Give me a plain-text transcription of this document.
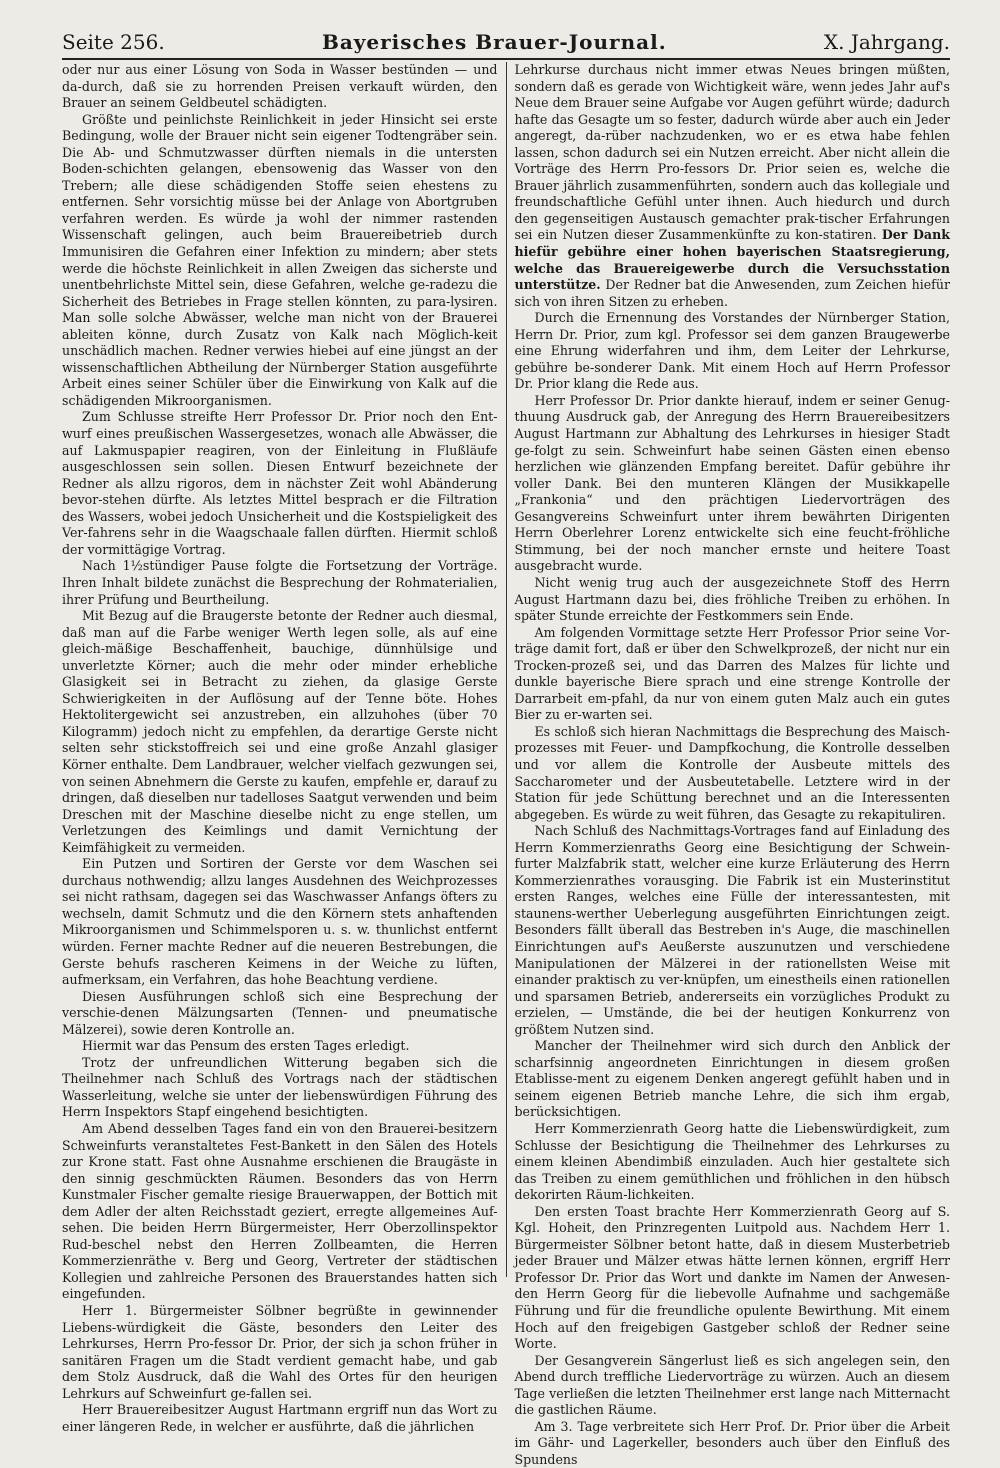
Seite 256.	Bayerisches Brauer-Journal.	X. Jahrgang.

oder nur aus einer Lösung von Soda in Wasser bestünden — und da-durch, daß sie zu horrenden Preisen verkauft würden, den Brauer an seinem Geldbeutel schädigten.

Größte und peinlichste Reinlichkeit in jeder Hinsicht sei erste Bedingung, wolle der Brauer nicht sein eigener Todtengräber sein. Die Ab- und Schmutzwasser dürften niemals in die untersten Boden-schichten gelangen, ebensowenig das Wasser von den Trebern; alle diese schädigenden Stoffe seien ehestens zu entfernen. Sehr vorsichtig müsse bei der Anlage von Abortgruben verfahren werden. Es würde ja wohl der nimmer rastenden Wissenschaft gelingen, auch beim Brauereibetrieb durch Immunisiren die Gefahren einer Infektion zu mindern; aber stets werde die höchste Reinlichkeit in allen Zweigen das sicherste und unentbehrlichste Mittel sein, diese Gefahren, welche ge-radezu die Sicherheit des Betriebes in Frage stellen könnten, zu para-lysiren. Man solle solche Abwässer, welche man nicht von der Brauerei ableiten könne, durch Zusatz von Kalk nach Möglich-keit unschädlich machen. Redner verwies hiebei auf eine jüngst an der wissenschaftlichen Abtheilung der Nürnberger Station ausgeführte Arbeit eines seiner Schüler über die Einwirkung von Kalk auf die schädigenden Mikroorganismen.

Zum Schlusse streifte Herr Professor Dr. Prior noch den Ent-wurf eines preußischen Wassergesetzes, wonach alle Abwässer, die auf Lakmuspapier reagiren, von der Einleitung in Flußläufe ausgeschlossen sein sollen. Diesen Entwurf bezeichnete der Redner als allzu rigoros, dem in nächster Zeit wohl Abänderung bevor-stehen dürfte. Als letztes Mittel besprach er die Filtration des Wassers, wobei jedoch Unsicherheit und die Kostspieligkeit des Ver-fahrens sehr in die Waagschaale fallen dürften. Hiermit schloß der vormittägige Vortrag.

Nach 1½stündiger Pause folgte die Fortsetzung der Vorträge. Ihren Inhalt bildete zunächst die Besprechung der Rohmaterialien, ihrer Prüfung und Beurtheilung.

Mit Bezug auf die Braugerste betonte der Redner auch diesmal, daß man auf die Farbe weniger Werth legen solle, als auf eine gleich-mäßige Beschaffenheit, bauchige, dünnhülsige und unverletzte Körner; auch die mehr oder minder erhebliche Glasigkeit sei in Betracht zu ziehen, da glasige Gerste Schwierigkeiten in der Auflösung auf der Tenne böte. Hohes Hektolitergewicht sei anzustreben, ein allzuhohes (über 70 Kilogramm) jedoch nicht zu empfehlen, da derartige Gerste nicht selten sehr stickstoffreich sei und eine große Anzahl glasiger Körner enthalte. Dem Landbrauer, welcher vielfach gezwungen sei, von seinen Abnehmern die Gerste zu kaufen, empfehle er, darauf zu dringen, daß dieselben nur tadelloses Saatgut verwenden und beim Dreschen mit der Maschine dieselbe nicht zu enge stellen, um Verletzungen des Keimlings und damit Vernichtung der Keimfähigkeit zu vermeiden.

Ein Putzen und Sortiren der Gerste vor dem Waschen sei durchaus nothwendig; allzu langes Ausdehnen des Weichprozesses sei nicht rathsam, dagegen sei das Waschwasser Anfangs öfters zu wechseln, damit Schmutz und die den Körnern stets anhaftenden Mikroorganismen und Schimmelsporen u. s. w. thunlichst entfernt würden. Ferner machte Redner auf die neueren Bestrebungen, die Gerste behufs rascheren Keimens in der Weiche zu lüften, aufmerksam, ein Verfahren, das hohe Beachtung verdiene.

Diesen Ausführungen schloß sich eine Besprechung der verschie-denen Mälzungsarten (Tennen- und pneumatische Mälzerei), sowie deren Kontrolle an.

Hiermit war das Pensum des ersten Tages erledigt.

Trotz der unfreundlichen Witterung begaben sich die Theilnehmer nach Schluß des Vortrags nach der städtischen Wasserleitung, welche sie unter der liebenswürdigen Führung des Herrn Inspektors Stapf eingehend besichtigten.

Am Abend desselben Tages fand ein von den Brauerei-besitzern Schweinfurts veranstaltetes Fest-Bankett in den Sälen des Hotels zur Krone statt. Fast ohne Ausnahme erschienen die Braugäste in den sinnig geschmückten Räumen. Besonders das von Herrn Kunstmaler Fischer gemalte riesige Brauerwappen, der Bottich mit dem Adler der alten Reichsstadt geziert, erregte allgemeines Auf-sehen. Die beiden Herrn Bürgermeister, Herr Oberzollinspektor Rud-beschel nebst den Herren Zollbeamten, die Herren Kommerzienräthe v. Berg und Georg, Vertreter der städtischen Kollegien und zahlreiche Personen des Brauerstandes hatten sich eingefunden.

Herr 1. Bürgermeister Sölbner begrüßte in gewinnender Liebens-würdigkeit die Gäste, besonders den Leiter des Lehrkurses, Herrn Pro-fessor Dr. Prior, der sich ja schon früher in sanitären Fragen um die Stadt verdient gemacht habe, und gab dem Stolz Ausdruck, daß die Wahl des Ortes für den heurigen Lehrkurs auf Schweinfurt ge-fallen sei.

Herr Brauereibesitzer August Hartmann ergriff nun das Wort zu einer längeren Rede, in welcher er ausführte, daß die jährlichen

Lehrkurse durchaus nicht immer etwas Neues bringen müßten, sondern daß es gerade von Wichtigkeit wäre, wenn jedes Jahr auf's Neue dem Brauer seine Aufgabe vor Augen geführt würde; dadurch hafte das Gesagte um so fester, dadurch würde aber auch ein Jeder angeregt, da-rüber nachzudenken, wo er es etwa habe fehlen lassen, schon dadurch sei ein Nutzen erreicht. Aber nicht allein die Vorträge des Herrn Pro-fessors Dr. Prior seien es, welche die Brauer jährlich zusammenführten, sondern auch das kollegiale und freundschaftliche Gefühl unter ihnen. Auch hiedurch und durch den gegenseitigen Austausch gemachter prak-tischer Erfahrungen sei ein Nutzen dieser Zusammenkünfte zu kon-statiren. Der Dank hiefür gebühre einer hohen bayerischen Staatsregierung, welche das Brauereigewerbe durch die Versuchsstation unterstütze. Der Redner bat die Anwesenden, zum Zeichen hiefür sich von ihren Sitzen zu erheben.

Durch die Ernennung des Vorstandes der Nürnberger Station, Herrn Dr. Prior, zum kgl. Professor sei dem ganzen Braugewerbe eine Ehrung widerfahren und ihm, dem Leiter der Lehrkurse, gebühre be-sonderer Dank. Mit einem Hoch auf Herrn Professor Dr. Prior klang die Rede aus.

Herr Professor Dr. Prior dankte hierauf, indem er seiner Genug-thuung Ausdruck gab, der Anregung des Herrn Brauereibesitzers August Hartmann zur Abhaltung des Lehrkurses in hiesiger Stadt ge-folgt zu sein. Schweinfurt habe seinen Gästen einen ebenso herzlichen wie glänzenden Empfang bereitet. Dafür gebühre ihr voller Dank. Bei den munteren Klängen der Musikkapelle „Frankonia“ und den prächtigen Liedervorträgen des Gesangvereins Schweinfurt unter ihrem bewährten Dirigenten Herrn Oberlehrer Lorenz entwickelte sich eine feucht-fröhliche Stimmung, bei der noch mancher ernste und heitere Toast ausgebracht wurde.

Nicht wenig trug auch der ausgezeichnete Stoff des Herrn August Hartmann dazu bei, dies fröhliche Treiben zu erhöhen. In später Stunde erreichte der Festkommers sein Ende.

Am folgenden Vormittage setzte Herr Professor Prior seine Vor-träge damit fort, daß er über den Schwelkprozeß, der nicht nur ein Trocken-prozeß sei, und das Darren des Malzes für lichte und dunkle bayerische Biere sprach und eine strenge Kontrolle der Darrarbeit em-pfahl, da nur von einem guten Malz auch ein gutes Bier zu er-warten sei.

Es schloß sich hieran Nachmittags die Besprechung des Maisch-prozesses mit Feuer- und Dampfkochung, die Kontrolle desselben und vor allem die Kontrolle der Ausbeute mittels des Saccharometer und der Ausbeutetabelle. Letztere wird in der Station für jede Schüttung berechnet und an die Interessenten abgegeben. Es würde zu weit führen, das Gesagte zu rekapituliren.

Nach Schluß des Nachmittags-Vortrages fand auf Einladung des Herrn Kommerzienraths Georg eine Besichtigung der Schwein-furter Malzfabrik statt, welcher eine kurze Erläuterung des Herrn Kommerzienrathes vorausging. Die Fabrik ist ein Musterinstitut ersten Ranges, welches eine Fülle der interessantesten, mit staunens-werther Ueberlegung ausgeführten Einrichtungen zeigt. Besonders fällt überall das Bestreben in's Auge, die maschinellen Einrichtungen auf's Aeußerste auszunutzen und verschiedene Manipulationen der Mälzerei in der rationellsten Weise mit einander praktisch zu ver-knüpfen, um einestheils einen rationellen und sparsamen Betrieb, andererseits ein vorzügliches Produkt zu erzielen, — Umstände, die bei der heutigen Konkurrenz von größtem Nutzen sind.

Mancher der Theilnehmer wird sich durch den Anblick der scharfsinnig angeordneten Einrichtungen in diesem großen Etablisse-ment zu eigenem Denken angeregt gefühlt haben und in seinem eigenen Betrieb manche Lehre, die sich ihm ergab, berücksichtigen.

Herr Kommerzienrath Georg hatte die Liebenswürdigkeit, zum Schlusse der Besichtigung die Theilnehmer des Lehrkurses zu einem kleinen Abendimbiß einzuladen. Auch hier gestaltete sich das Treiben zu einem gemüthlichen und fröhlichen in den hübsch dekorirten Räum-lichkeiten.

Den ersten Toast brachte Herr Kommerzienrath Georg auf S. Kgl. Hoheit, den Prinzregenten Luitpold aus. Nachdem Herr 1. Bürgermeister Sölbner betont hatte, daß in diesem Musterbetrieb jeder Brauer und Mälzer etwas hätte lernen können, ergriff Herr Professor Dr. Prior das Wort und dankte im Namen der Anwesen-den Herrn Georg für die liebevolle Aufnahme und sachgemäße Führung und für die freundliche opulente Bewirthung. Mit einem Hoch auf den freigebigen Gastgeber schloß der Redner seine Worte.

Der Gesangverein Sängerlust ließ es sich angelegen sein, den Abend durch treffliche Liedervorträge zu würzen. Auch an diesem Tage verließen die letzten Theilnehmer erst lange nach Mitternacht die gastlichen Räume.

Am 3. Tage verbreitete sich Herr Prof. Dr. Prior über die Arbeit im Gähr- und Lagerkeller, besonders auch über den Einfluß des Spundens
